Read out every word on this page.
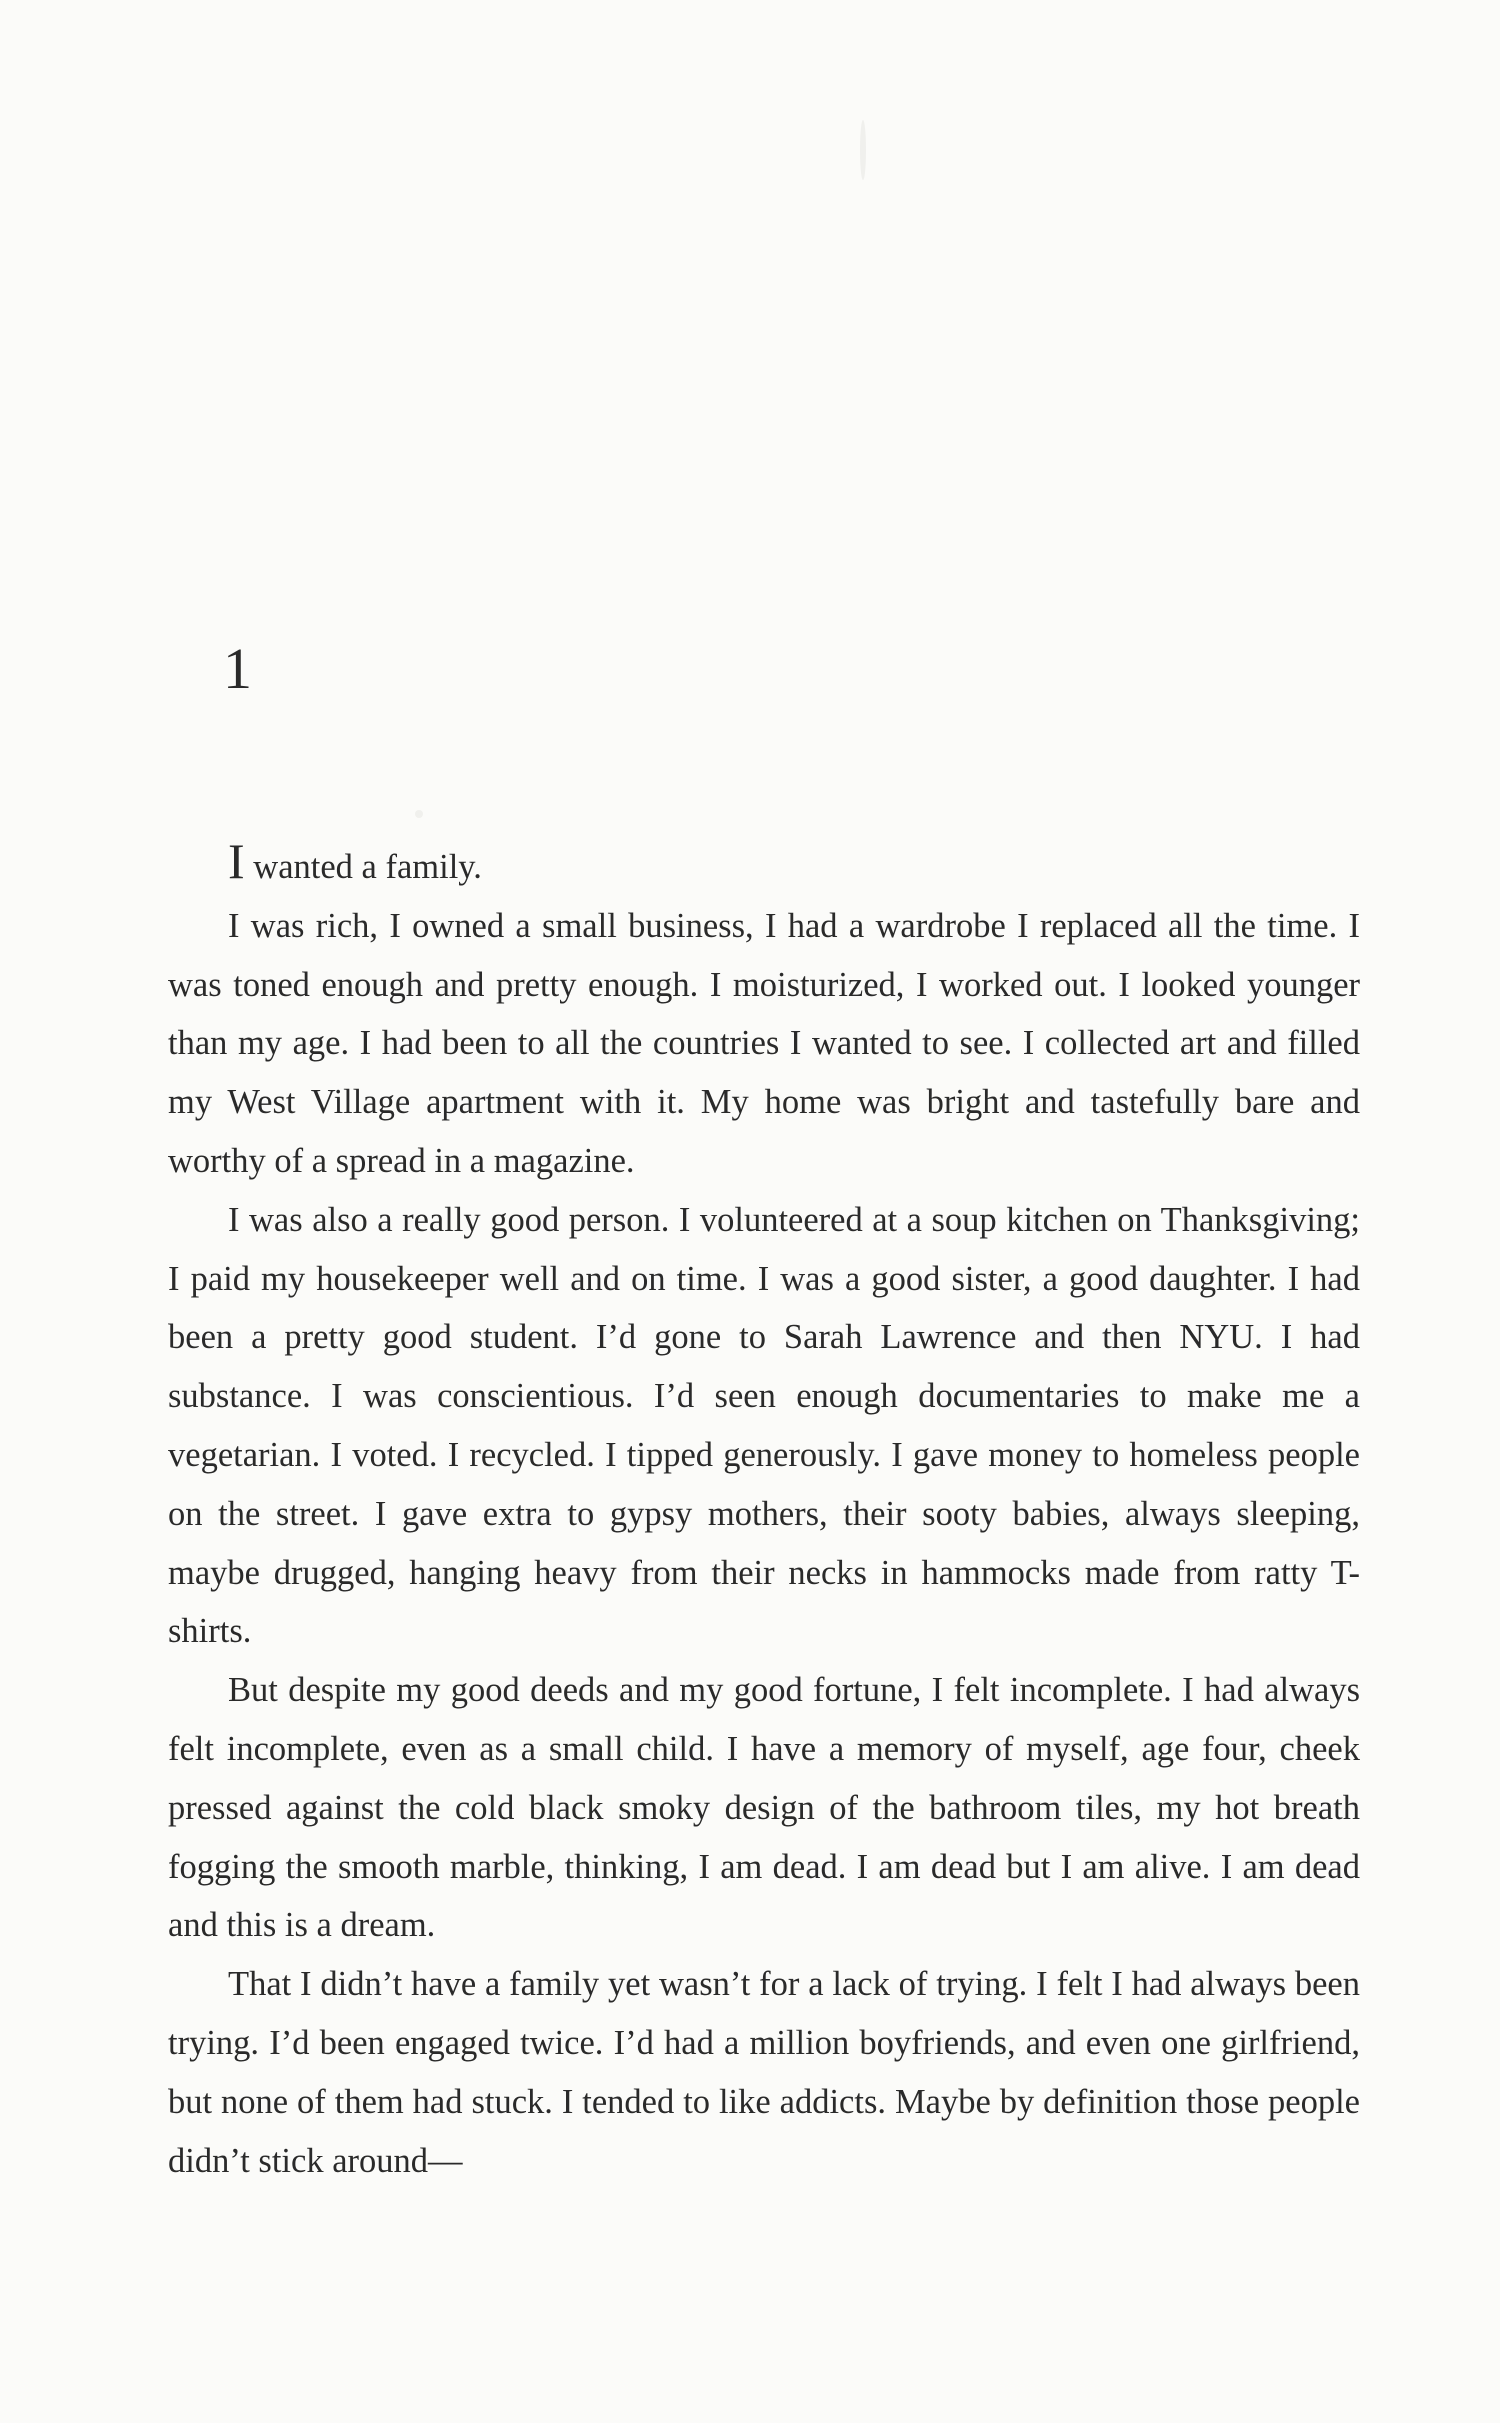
1

I wanted a family.

I was rich, I owned a small business, I had a wardrobe I replaced all the time. I was toned enough and pretty enough. I moisturized, I worked out. I looked younger than my age. I had been to all the countries I wanted to see. I collected art and filled my West Village apartment with it. My home was bright and tastefully bare and worthy of a spread in a magazine.

I was also a really good person. I volunteered at a soup kitchen on Thanksgiving; I paid my housekeeper well and on time. I was a good sister, a good daughter. I had been a pretty good student. I’d gone to Sarah Lawrence and then NYU. I had substance. I was conscientious. I’d seen enough documentaries to make me a vegetarian. I voted. I recycled. I tipped generously. I gave money to homeless people on the street. I gave extra to gypsy mothers, their sooty babies, always sleeping, maybe drugged, hanging heavy from their necks in hammocks made from ratty T-shirts.

But despite my good deeds and my good fortune, I felt incomplete. I had always felt incomplete, even as a small child. I have a memory of myself, age four, cheek pressed against the cold black smoky design of the bathroom tiles, my hot breath fogging the smooth marble, thinking, I am dead. I am dead but I am alive. I am dead and this is a dream.

That I didn’t have a family yet wasn’t for a lack of trying. I felt I had always been trying. I’d been engaged twice. I’d had a million boyfriends, and even one girlfriend, but none of them had stuck. I tended to like addicts. Maybe by definition those people didn’t stick around—
